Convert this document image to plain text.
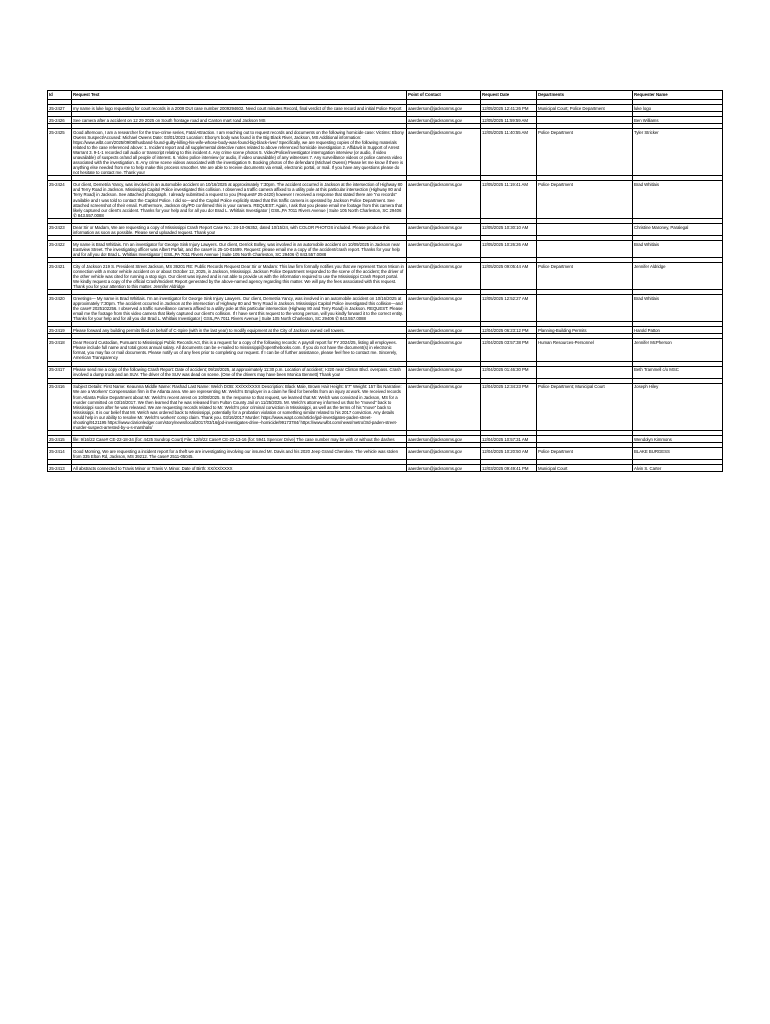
Id	Request Text	Point of Contact	Request Date	Departments	Requester Name

25-2427	my name is luke logo requesting for court records in a 2009 DUI case number 2009294602. Need court minutes Record, final verdict of the case record and initial Police Report	aaerderson@jacksonms.gov	12/05/2025 12:41:26 PM	Municipal Court; Police Department	luke logo

25-2426	See camera after a accident on 12 29 2025 on South frontage road and Canton mart road Jackson MS	aaerderson@jacksonms.gov	12/05/2025 11:59:59 AM		Ben Williams

25-2425	Good afternoon, I am a researcher for the true-crime series, Fatal Attraction. I am reaching out to request records and documents on the following homicide case: Victims: Ebony Owens Suspect/Accused: Michael Owens Date: 03/01/2023 Location: Ebony's body was found in the Big Black River, Jackson, MS Additional information: https://www.wlbt.com/2025/09/08/husband-found-guilty-killing-his-wife-whose-body-was-found-big-black-river/ Specifically, we are requesting copies of the following materials related to the case referenced above: 1. Incident report and all supplemental detective notes related to above referenced homicide investigation 2. Affidavit in Support of Arrest Warrant 3. 9-1-1 recorded call audio or transcript relating to this incident 4. Any crime scene photos 5. Video/Police/investigator interrogation interview (or audio, if video unavailable) of suspects or/and all people of interest. 6. Video police interview (or audio, if video unavailable) of any witnesses 7. Any surveillance videos or police camera video associated with the investigation. 8. Any crime scene videos associated with the investigation 9. Booking photos of the defendant (Michael Owens) Please let me know if there is anything else needed from me to help make this process smoother. We are able to receive documents via email, electronic portal, or mail. If you have any questions please do not hesitate to contact me. Thank you!	aaerderson@jacksonms.gov	12/05/2025 11:40:55 AM	Police Department	Tyler Stricker

25-2424	Our client, Demetria Yancy, was involved in an automobile accident on 10/16/2025 at approximately 7:30pm. The accident occurred in Jackson at the intersection of Highway 80 and Terry Road in Jackson. Mississippi Capitol Police investigated this collision. I observed a traffic camera affixed to a utility pole at this particular intersection (Highway 80 and Terry Road) in Jackson. See attached photograph. I already submitted a request to you (Request# 25-2420) however I received a response that stated there are "no records" available and I was told to contact the Capitol Police. I did so—and the Capitol Police explicitly stated that this traffic camera is operated by Jackson Police Department. See attached screenshot of their email. Furthermore, Jackson city/PD confirmed this is your camera. REQUEST: Again, I ask that you please email me footage from this camera that likely captured our client's accident. Thanks for your help and for all you do! Brad L. Whitlais Investigator | GSIL,PA 7011 Rivers Avenue | Suite 105 North Charleston, SC 29406 ✆ 843.557.0088	aaerderson@jacksonms.gov	12/05/2025 11:19:41 AM	Police Department	Brad Whitlais

25-2423	Dear Sir or Madam, We are requesting a copy of Mississippi Crash Report Case No.: 24-10-06352, dated 10/15/24, with COLOR PHOTOS included. Please produce this information as soon as possible. Please send uploaded request. Thank you!	aaerderson@jacksonms.gov	12/05/2025 10:30:10 AM		Christine Maroney, Paralegal

25-2422	My name is Brad Whitlais. I'm an investigator for George Sink Injury Lawyers. Our client, Derrick Bolley, was involved in an automobile accident on 10/09/2025 in Jackson near Eastview Street. The investigating officer was Albert Parfait, and the case# is 25-10-01699. Request: please email me a copy of the accident/crash report. Thanks for your help and for all you do! Brad L. Whitlais Investigator | GSIL,PA 7011 Rivers Avenue | Suite 105 North Charleston, SC 29406 ✆ 843.557.0088	aaerderson@jacksonms.gov	12/05/2025 10:26:26 AM		Brad Whitlais

25-2421	City of Jackson 219 S. President Street Jackson, MS 39201 RE: Public Records Request Dear Sir or Madam: This law firm formally notifies you that we represent Taron Mixon in connection with a motor vehicle accident on or about October 12, 2025, in Jackson, Mississippi. Jackson Police Department responded to the scene of the accident; the driver of the other vehicle was cited for running a stop sign. Our client was injured and is not able to provide us with the information required to use the Mississippi Crash Report portal. We kindly request a copy of the official Crash/Incident Report generated by the above-named agency regarding this matter. We will pay the fees associated with this request. Thank you for your attention to this matter. Jennifer Aldridge	aaerderson@jacksonms.gov	12/05/2025 09:05:44 AM	Police Department	Jennifer Aldridge

25-2420	Greetings— My name is Brad Whitlais. I'm an investigator for George Sink Injury Lawyers. Our client, Demetria Yancy, was involved in an automobile accident on 10/16/2025 at approximately 7:30pm. The accident occurred in Jackson at the intersection of Highway 80 and Terry Road in Jackson. Mississippi Capitol Police investigated this collision—and the case# 2025102256. I observed a traffic surveillance camera affixed to a utility pole at this particular intersection (Highway 80 and Terry Road) in Jackson. REQUEST: Please email me the footage from this video camera that likely captured our client's collision. If I have sent this request to the wrong person, will you kindly forward it to the correct entity. Thanks for your help and for all you do! Brad L. Whitlais Investigator | GSIL,PA 7011 Rivers Avenue | Suite 105 North Charleston, SC 29406 ✆ 843.557.0088	aaerderson@jacksonms.gov	12/05/2025 12:52:27 AM		Brad Whitlais

25-2419	Please forward any building permits filed on behalf of C-Spire (with in the last year) to modify equipment at the City of Jackson owned cell towers.	aaerderson@jacksonms.gov	12/04/2025 06:23:12 PM	Planning-Building Permits	Harold Patton

25-2418	Dear Record Custodian, Pursuant to Mississippi Public Records Act, this is a request for a copy of the following records: A payroll report for FY 2024/25, listing all employees. Please include full name and total gross annual salary. All documents can be e-mailed to mississippi@openthebooks.com. If you do not have the document(s) in electronic format, you may fax or mail documents. Please notify us of any fees prior to completing our request. If I can be of further assistance, please feel free to contact me. Sincerely, American Transparency	aaerderson@jacksonms.gov	12/04/2025 03:57:38 PM	Human Resources-Personnel	Jennifer McPherson

25-2417	Please send me a copy of the following Crash Report: Date of accident; 09/18/2025, at approximately 11:30 p.m. Location of accident; I-220 near Clinton Blvd. overpass. Crash involved a dump truck and an SUV. The driver of the SUV was dead on scene. (One of the drivers may have been Monica Bennett) Thank you!	aaerderson@jacksonms.gov	12/04/2025 01:46:30 PM		Beth Trammell c/o MSC

25-2416	Subject Details: First Name: Keaunna Middle Name: Rashad Last Name: Welch DOB: XX/XX/XXXX Description: Black Male, Brown Hair Height: 5'7" Weight: 157 lbs Narrative: We are a Workers' Compensation firm in the Atlanta area. We are representing Mr. Welch's Employer in a claim he filed for benefits from an injury at work. We received records from Atlanta Police Department about Mr. Welch's recent arrest on 10/08/2025. In the response to that request, we learned that Mr. Welch was convicted in Jackson, MS for a murder committed on 03/16/2017. We then learned that he was released from Fulton County Jail on 11/25/2025. Mr. Welch's attorney informed us that he "moved" back to Mississippi soon after he was released. We are requesting records related to Mr. Welch's prior criminal conviction in Mississippi, as well as the terms of his "move" back to Mississippi. It is our belief that Mr. Welch was ordered back to Mississippi, potentially for a probation violation or something similar related to his 2017 conviction. Any details would help in our ability to resolve Mr. Welch's workers' comp claim. Thank you. 03/16/2017 Murder: https://www.wapt.com/article/jpd-investigates-paden-street-shooting/9121195 https://www.clarionledger.com/story/news/local/2017/03/16/jpd-investigates-drive--homicide/99173784/ https://www.wlbt.com/news/metro/3rd-paden-street-murder-suspect-arrested-by-u-s-marshals/	aaerderson@jacksonms.gov	12/04/2025 12:34:23 PM	Police Department; Municipal Court	Joseph Hiley

25-2415	file: 9/16/22 Case# CE-22-18-34 (for: 4425 Sundrop Court) File: 12/9/22 Case# CE-22-13-16 (for: 5941 Spencer Drive) The case number may be with or without the dashes	aaerderson@jacksonms.gov	12/04/2025 10:57:31 AM		Wendolyn Kimmons

25-2414	Good Morning, We are requesting a incident report for a theft we are investigating involving our insured Mr. Davis and his 2020 Jeep Grand Cherokee. The vehicle was stolen from 335 Elton Rd, Jackson, MS 39212. The case# 2511-05045.	aaerderson@jacksonms.gov	12/04/2025 10:20:50 AM	Police Department	BLAKE BURGESS

25-2413	All abstracts connected to Travis Minor or Travis V. Minor. Date of Birth: XX/XX/XXXX	aaerderson@jacksonms.gov	12/03/2025 09:49:41 PM	Municipal Court	Alvin S. Carter
